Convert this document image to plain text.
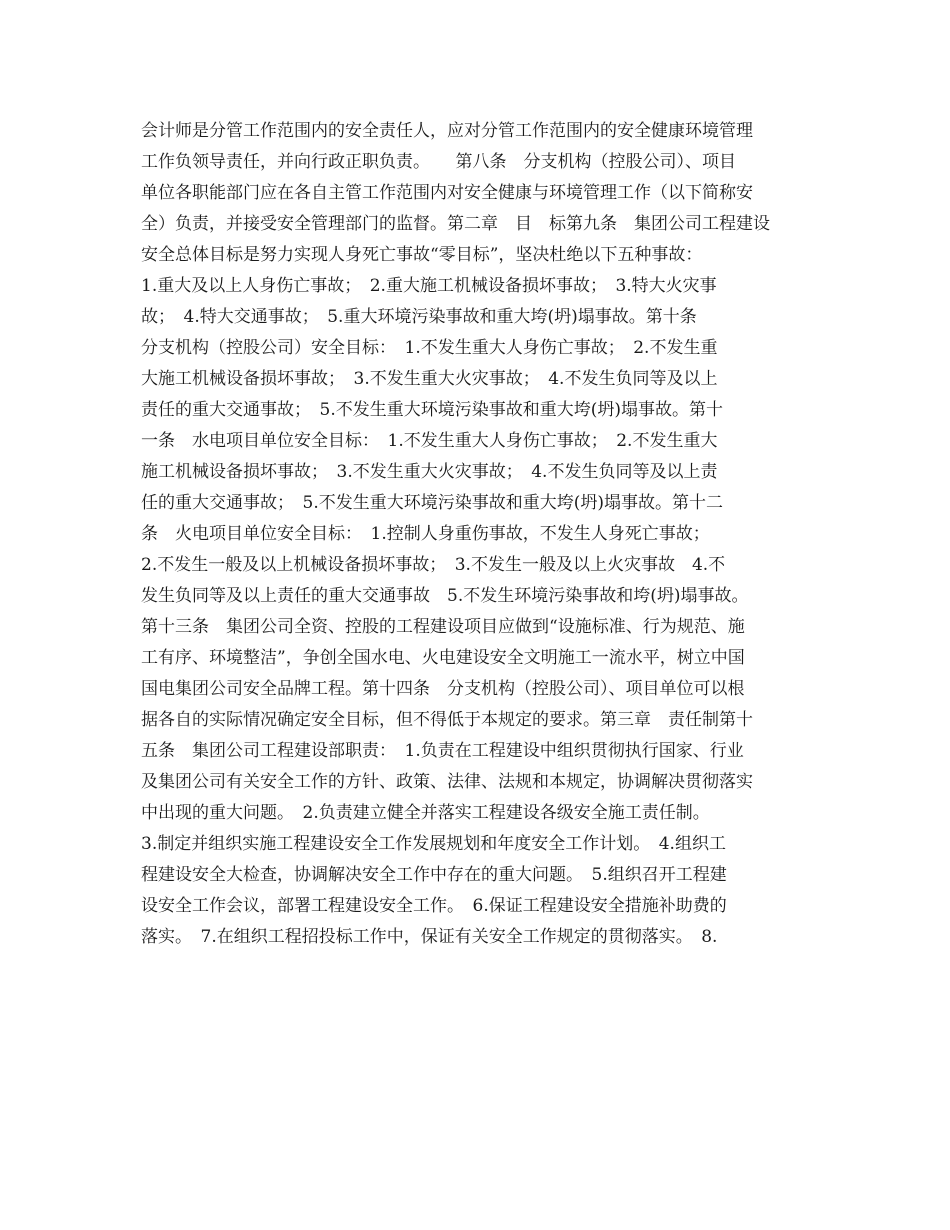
会计师是分管工作范围内的安全责任人，应对分管工作范围内的安全健康环境管理
工作负领导责任，并向行政正职负责。　　第八条　分支机构（控股公司）、项目
单位各职能部门应在各自主管工作范围内对安全健康与环境管理工作（以下简称安
全）负责，并接受安全管理部门的监督。第二章　目　标第九条　集团公司工程建设
安全总体目标是努力实现人身死亡事故“零目标”，坚决杜绝以下五种事故：
1.重大及以上人身伤亡事故；　2.重大施工机械设备损坏事故；　3.特大火灾事
故；　4.特大交通事故；　5.重大环境污染事故和重大垮(坍)塌事故。第十条
分支机构（控股公司）安全目标：　1.不发生重大人身伤亡事故；　2.不发生重
大施工机械设备损坏事故；　3.不发生重大火灾事故；　4.不发生负同等及以上
责任的重大交通事故；　5.不发生重大环境污染事故和重大垮(坍)塌事故。第十
一条　水电项目单位安全目标：　1.不发生重大人身伤亡事故；　2.不发生重大
施工机械设备损坏事故；　3.不发生重大火灾事故；　4.不发生负同等及以上责
任的重大交通事故；　5.不发生重大环境污染事故和重大垮(坍)塌事故。第十二
条　火电项目单位安全目标：　1.控制人身重伤事故，不发生人身死亡事故；
2.不发生一般及以上机械设备损坏事故；　3.不发生一般及以上火灾事故　4.不
发生负同等及以上责任的重大交通事故　5.不发生环境污染事故和垮(坍)塌事故。
第十三条　集团公司全资、控股的工程建设项目应做到“设施标准、行为规范、施
工有序、环境整洁”，争创全国水电、火电建设安全文明施工一流水平，树立中国
国电集团公司安全品牌工程。第十四条　分支机构（控股公司）、项目单位可以根
据各自的实际情况确定安全目标，但不得低于本规定的要求。第三章　责任制第十
五条　集团公司工程建设部职责：　1.负责在工程建设中组织贯彻执行国家、行业
及集团公司有关安全工作的方针、政策、法律、法规和本规定，协调解决贯彻落实
中出现的重大问题。　2.负责建立健全并落实工程建设各级安全施工责任制。
3.制定并组织实施工程建设安全工作发展规划和年度安全工作计划。　4.组织工
程建设安全大检查，协调解决安全工作中存在的重大问题。　5.组织召开工程建
设安全工作会议，部署工程建设安全工作。　6.保证工程建设安全措施补助费的
落实。　7.在组织工程招投标工作中，保证有关安全工作规定的贯彻落实。　8.
